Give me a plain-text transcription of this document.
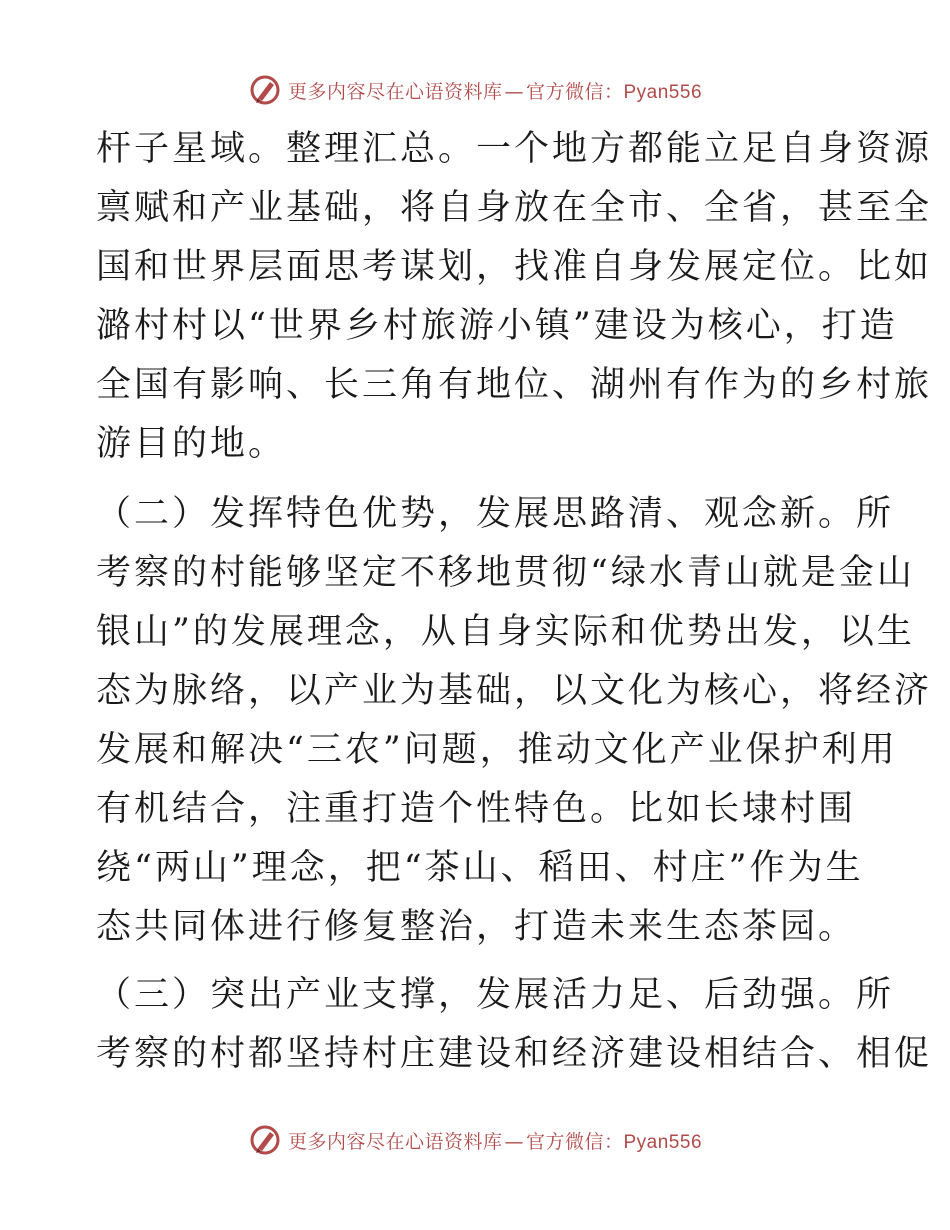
更多内容尽在心语资料库 — 官方微信：Pyan556
杆子星域。整理汇总。一个地方都能立足自身资源
禀赋和产业基础，将自身放在全市、全省，甚至全
国和世界层面思考谋划，找准自身发展定位。比如
潞村村以“世界乡村旅游小镇”建设为核心，打造
全国有影响、长三角有地位、湖州有作为的乡村旅
游目的地。
（二）发挥特色优势，发展思路清、观念新。所
考察的村能够坚定不移地贯彻“绿水青山就是金山
银山”的发展理念，从自身实际和优势出发，以生
态为脉络，以产业为基础，以文化为核心，将经济
发展和解决“三农”问题，推动文化产业保护利用
有机结合，注重打造个性特色。比如长埭村围
绕“两山”理念，把“茶山、稻田、村庄”作为生
态共同体进行修复整治，打造未来生态茶园。
（三）突出产业支撑，发展活力足、后劲强。所
考察的村都坚持村庄建设和经济建设相结合、相促
更多内容尽在心语资料库 — 官方微信：Pyan556
